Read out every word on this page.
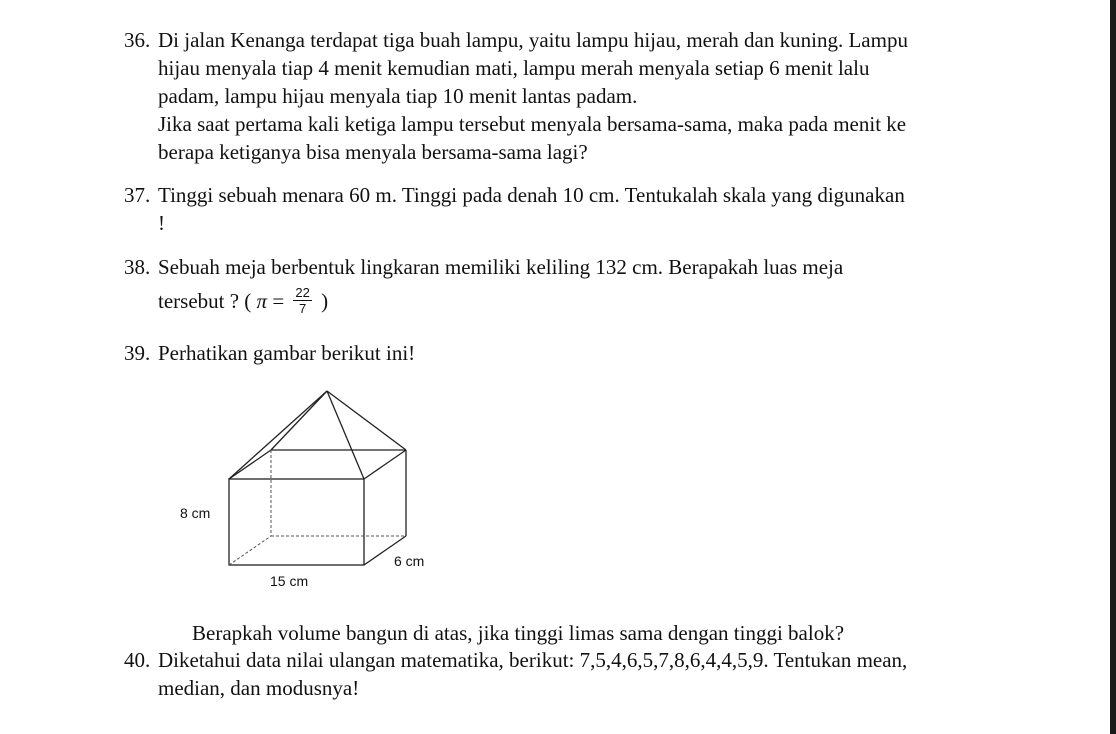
36. Di jalan Kenanga terdapat tiga buah lampu, yaitu lampu hijau, merah dan kuning. Lampu
hijau menyala tiap 4 menit kemudian mati, lampu merah menyala setiap 6 menit lalu
padam, lampu hijau menyala tiap 10 menit lantas padam.
Jika saat pertama kali ketiga lampu tersebut menyala bersama-sama, maka pada menit ke
berapa ketiganya bisa menyala bersama-sama lagi?
37. Tinggi sebuah menara 60 m. Tinggi pada denah 10 cm. Tentukalah skala yang digunakan
!
38. Sebuah meja berbentuk lingkaran memiliki keliling 132 cm. Berapakah luas meja
tersebut ? ( $\pi = \frac{22}{7}$ )
39. Perhatikan gambar berikut ini!
8 cm
15 cm
6 cm
Berapkah volume bangun di atas, jika tinggi limas sama dengan tinggi balok?
40. Diketahui data nilai ulangan matematika, berikut: 7,5,4,6,5,7,8,6,4,4,5,9. Tentukan mean,
median, dan modusnya!
